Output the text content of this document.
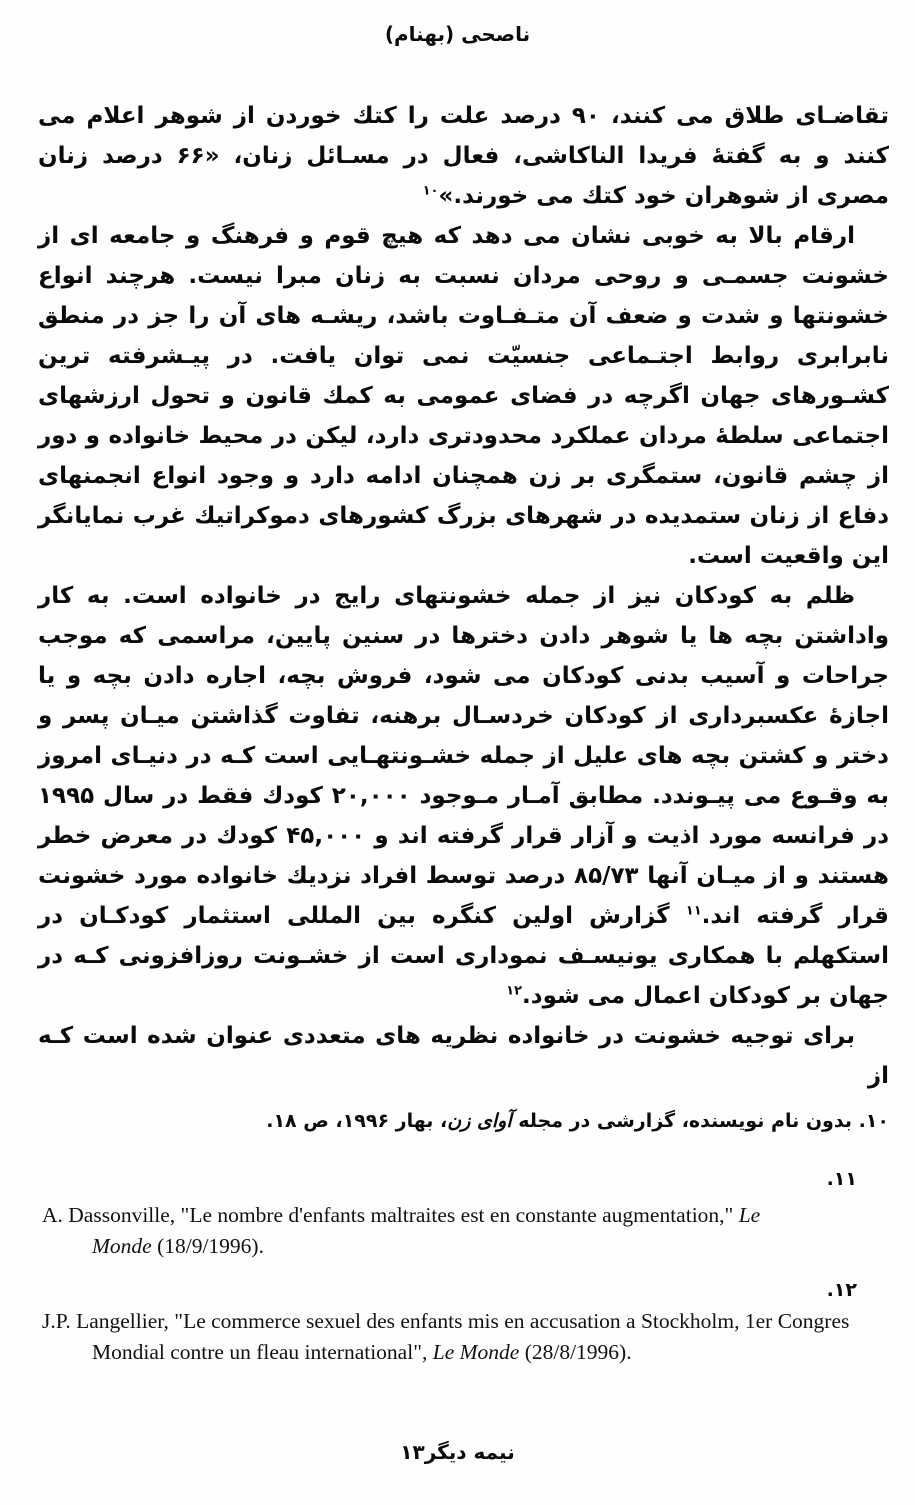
ناصحی (بهنام)
تقاضـای طلاق می کنند، ۹۰ درصد علت را کتك خوردن از شوهر اعلام می کنند و به گفتهٔ فریدا الناکاشی، فعال در مسـائل زنان، «۶۶ درصد زنان مصری از شوهران خود کتك می خورند.»$^{۱۰}$
ارقام بالا به خوبی نشان می دهد که هیچ قوم و فرهنگ و جامعه ای از خشونت جسمـی و روحی مردان نسبت به زنان مبرا نیست. هرچند انواع خشونتها و شدت و ضعف آن متـفـاوت باشد، ریشـه های آن را جز در منطق نابرابری روابط اجتـماعی جنسیّت نمی توان یافت. در پیـشرفته ترین کشـورهای جهان اگرچه در فضای عمومی به کمك قانون و تحول ارزشهای اجتماعی سلطهٔ مردان عملکرد محدودتری دارد، لیکن در محیط خانواده و دور از چشم قانون، ستمگری بر زن همچنان ادامه دارد و وجود انواع انجمنهای دفاع از زنان ستمدیده در شهرهای بزرگ کشورهای دموکراتیك غرب نمایانگر این واقعیت است.
ظلم به کودکان نیز از جمله خشونتهای رایج در خانواده است. به کار واداشتن بچه ها یا شوهر دادن دخترها در سنین پایین، مراسمی که موجب جراحات و آسیب بدنی کودکان می شود، فروش بچه، اجاره دادن بچه و یا اجازهٔ عکسبرداری از کودکان خردسـال برهنه، تفاوت گذاشتن میـان پسر و دختر و کشتن بچه های علیل از جمله خشـونتهـایی است کـه در دنیـای امروز به وقـوع می پیـوندد. مطابق آمـار مـوجود ۲۰,۰۰۰ کودك فقط در سال ۱۹۹۵ در فرانسه مورد اذیت و آزار قرار گرفته اند و ۴۵,۰۰۰ کودك در معرض خطر هستند و از میـان آنها ۸۵/۷۳ درصد توسط افراد نزدیك خانواده مورد خشونت قرار گرفته اند.$^{۱۱}$ گزارش اولین کنگره بین المللی استثمار کودکـان در استکهلم با همکاری یونیسـف نموداری است از خشـونت روزافزونی کـه در جهان بر کودکان اعمال می شود.$^{۱۲}$
برای توجیه خشونت در خانواده نظریه های متعددی عنوان شده است کـه از
۱۰. بدون نام نویسنده، گزارشی در مجله آوای زن، بهار ۱۹۹۶، ص ۱۸.
۱۱.
A. Dassonville, "Le nombre d'enfants maltraites est en constante augmentation," Le Monde (18/9/1996).
۱۲.
J.P. Langellier, "Le commerce sexuel des enfants mis en accusation a Stockholm, 1er Congres Mondial contre un fleau international", Le Monde (28/8/1996).
نیمه دیگر۱۳
